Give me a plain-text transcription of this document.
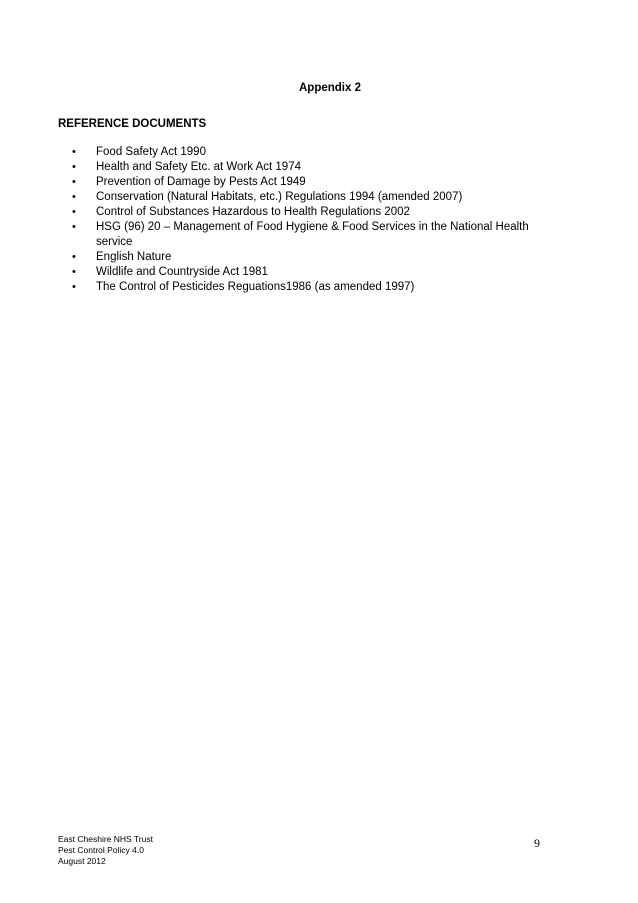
Appendix 2
REFERENCE DOCUMENTS
• Food Safety Act 1990
• Health and Safety Etc. at Work Act 1974
• Prevention of Damage by Pests Act 1949
• Conservation (Natural Habitats, etc.) Regulations 1994 (amended 2007)
• Control of Substances Hazardous to Health Regulations 2002
• HSG (96) 20 – Management of Food Hygiene & Food Services in the National Health service
• English Nature
• Wildlife and Countryside Act 1981
• The Control of Pesticides Reguations1986 (as amended 1997)
East Cheshire NHS Trust
Pest Control Policy 4.0
August 2012
9
